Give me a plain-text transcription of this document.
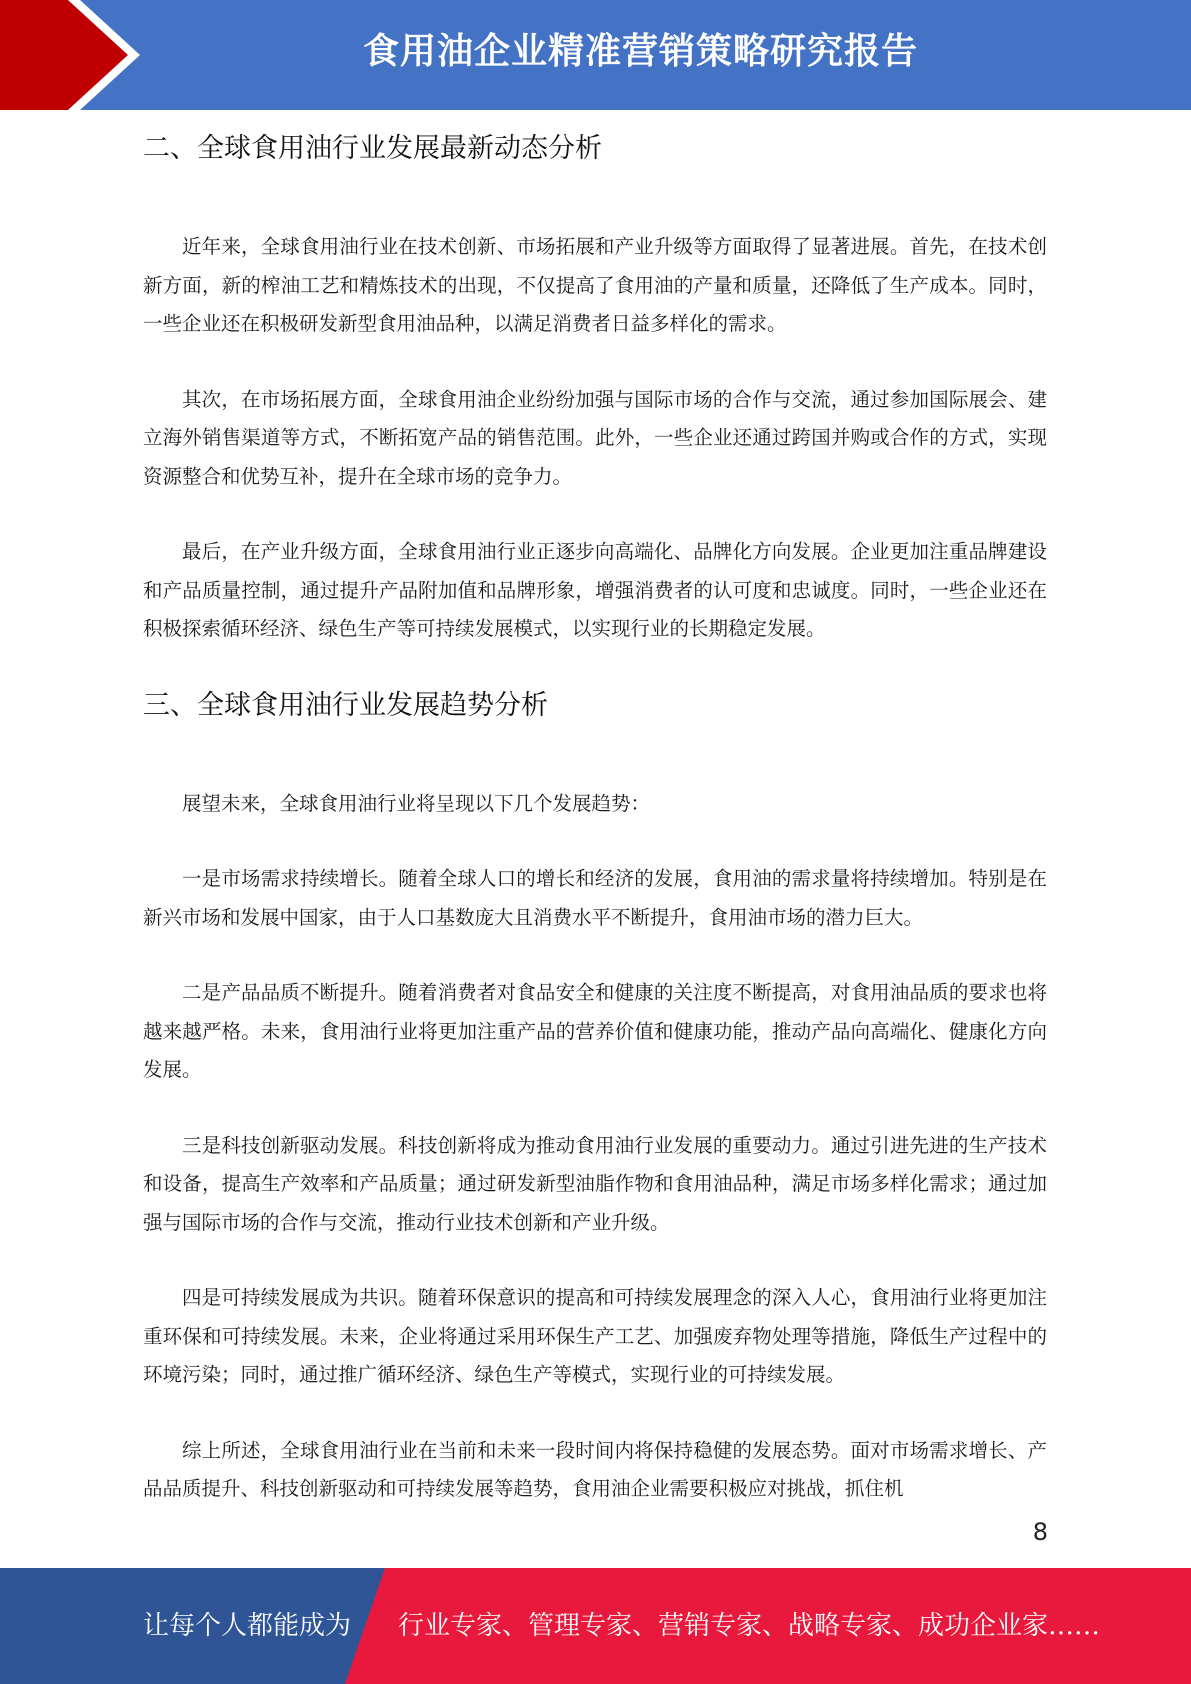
食用油企业精准营销策略研究报告
二、全球食用油行业发展最新动态分析

近年来，全球食用油行业在技术创新、市场拓展和产业升级等方面取得了显著进展。首先，在技术创新方面，新的榨油工艺和精炼技术的出现，不仅提高了食用油的产量和质量，还降低了生产成本。同时，一些企业还在积极研发新型食用油品种，以满足消费者日益多样化的需求。

其次，在市场拓展方面，全球食用油企业纷纷加强与国际市场的合作与交流，通过参加国际展会、建立海外销售渠道等方式，不断拓宽产品的销售范围。此外，一些企业还通过跨国并购或合作的方式，实现资源整合和优势互补，提升在全球市场的竞争力。

最后，在产业升级方面，全球食用油行业正逐步向高端化、品牌化方向发展。企业更加注重品牌建设和产品质量控制，通过提升产品附加值和品牌形象，增强消费者的认可度和忠诚度。同时，一些企业还在积极探索循环经济、绿色生产等可持续发展模式，以实现行业的长期稳定发展。

三、全球食用油行业发展趋势分析

展望未来，全球食用油行业将呈现以下几个发展趋势：

一是市场需求持续增长。随着全球人口的增长和经济的发展，食用油的需求量将持续增加。特别是在新兴市场和发展中国家，由于人口基数庞大且消费水平不断提升，食用油市场的潜力巨大。

二是产品品质不断提升。随着消费者对食品安全和健康的关注度不断提高，对食用油品质的要求也将越来越严格。未来，食用油行业将更加注重产品的营养价值和健康功能，推动产品向高端化、健康化方向发展。

三是科技创新驱动发展。科技创新将成为推动食用油行业发展的重要动力。通过引进先进的生产技术和设备，提高生产效率和产品质量；通过研发新型油脂作物和食用油品种，满足市场多样化需求；通过加强与国际市场的合作与交流，推动行业技术创新和产业升级。

四是可持续发展成为共识。随着环保意识的提高和可持续发展理念的深入人心，食用油行业将更加注重环保和可持续发展。未来，企业将通过采用环保生产工艺、加强废弃物处理等措施，降低生产过程中的环境污染；同时，通过推广循环经济、绿色生产等模式，实现行业的可持续发展。

综上所述，全球食用油行业在当前和未来一段时间内将保持稳健的发展态势。面对市场需求增长、产品品质提升、科技创新驱动和可持续发展等趋势，食用油企业需要积极应对挑战，抓住机

8
让每个人都能成为 行业专家、管理专家、营销专家、战略专家、成功企业家……
